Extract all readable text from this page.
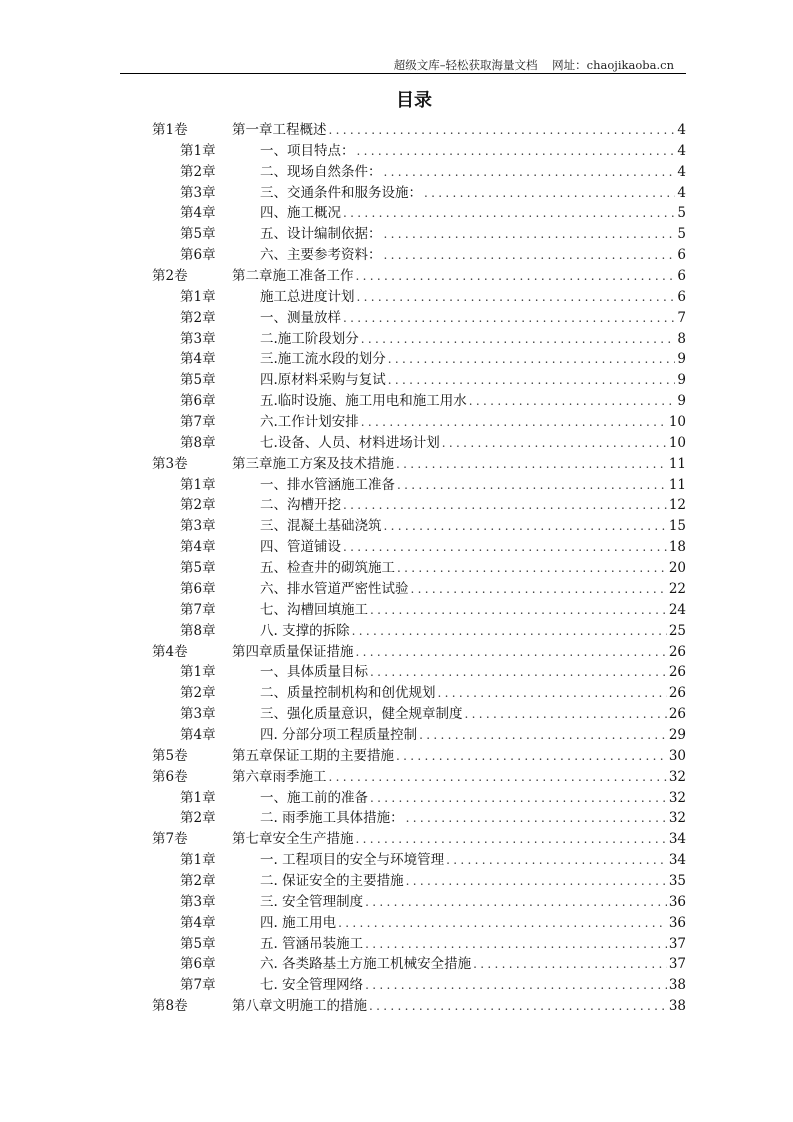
超级文库–轻松获取海量文档 网址：chaojikaoba.cn
目录
第1卷	第一章工程概述 . . .	4
第1章	一、项目特点： . . .	4
第2章	二、现场自然条件： . . .	4
第3章	三、交通条件和服务设施： . . .	4
第4章	四、施工概况 . . .	5
第5章	五、设计编制依据： . . .	5
第6章	六、主要参考资料： . . .	6
第2卷	第二章施工准备工作 . . .	6
第1章	施工总进度计划 . . .	6
第2章	一、测量放样 . . .	7
第3章	二.施工阶段划分 . . .	8
第4章	三.施工流水段的划分 . . .	9
第5章	四.原材料采购与复试 . . .	9
第6章	五.临时设施、施工用电和施工用水 . . .	9
第7章	六.工作计划安排 . . .	10
第8章	七.设备、人员、材料进场计划 . . .	10
第3卷	第三章施工方案及技术措施 . . .	11
第1章	一、排水管涵施工准备 . . .	11
第2章	二、沟槽开挖 . . .	12
第3章	三、混凝土基础浇筑 . . .	15
第4章	四、管道铺设 . . .	18
第5章	五、检查井的砌筑施工 . . .	20
第6章	六、排水管道严密性试验 . . .	22
第7章	七、沟槽回填施工 . . .	24
第8章	八. 支撑的拆除 . . .	25
第4卷	第四章质量保证措施 . . .	26
第1章	一、具体质量目标 . . .	26
第2章	二、质量控制机构和创优规划 . . .	26
第3章	三、强化质量意识，健全规章制度 . . .	26
第4章	四. 分部分项工程质量控制 . . .	29
第5卷	第五章保证工期的主要措施 . . .	30
第6卷	第六章雨季施工 . . .	32
第1章	一、施工前的准备 . . .	32
第2章	二. 雨季施工具体措施： . . .	32
第7卷	第七章安全生产措施 . . .	34
第1章	一. 工程项目的安全与环境管理 . . .	34
第2章	二. 保证安全的主要措施 . . .	35
第3章	三. 安全管理制度 . . .	36
第4章	四. 施工用电 . . .	36
第5章	五. 管涵吊装施工 . . .	37
第6章	六. 各类路基土方施工机械安全措施 . . .	37
第7章	七. 安全管理网络 . . .	38
第8卷	第八章文明施工的措施 . . .	38
